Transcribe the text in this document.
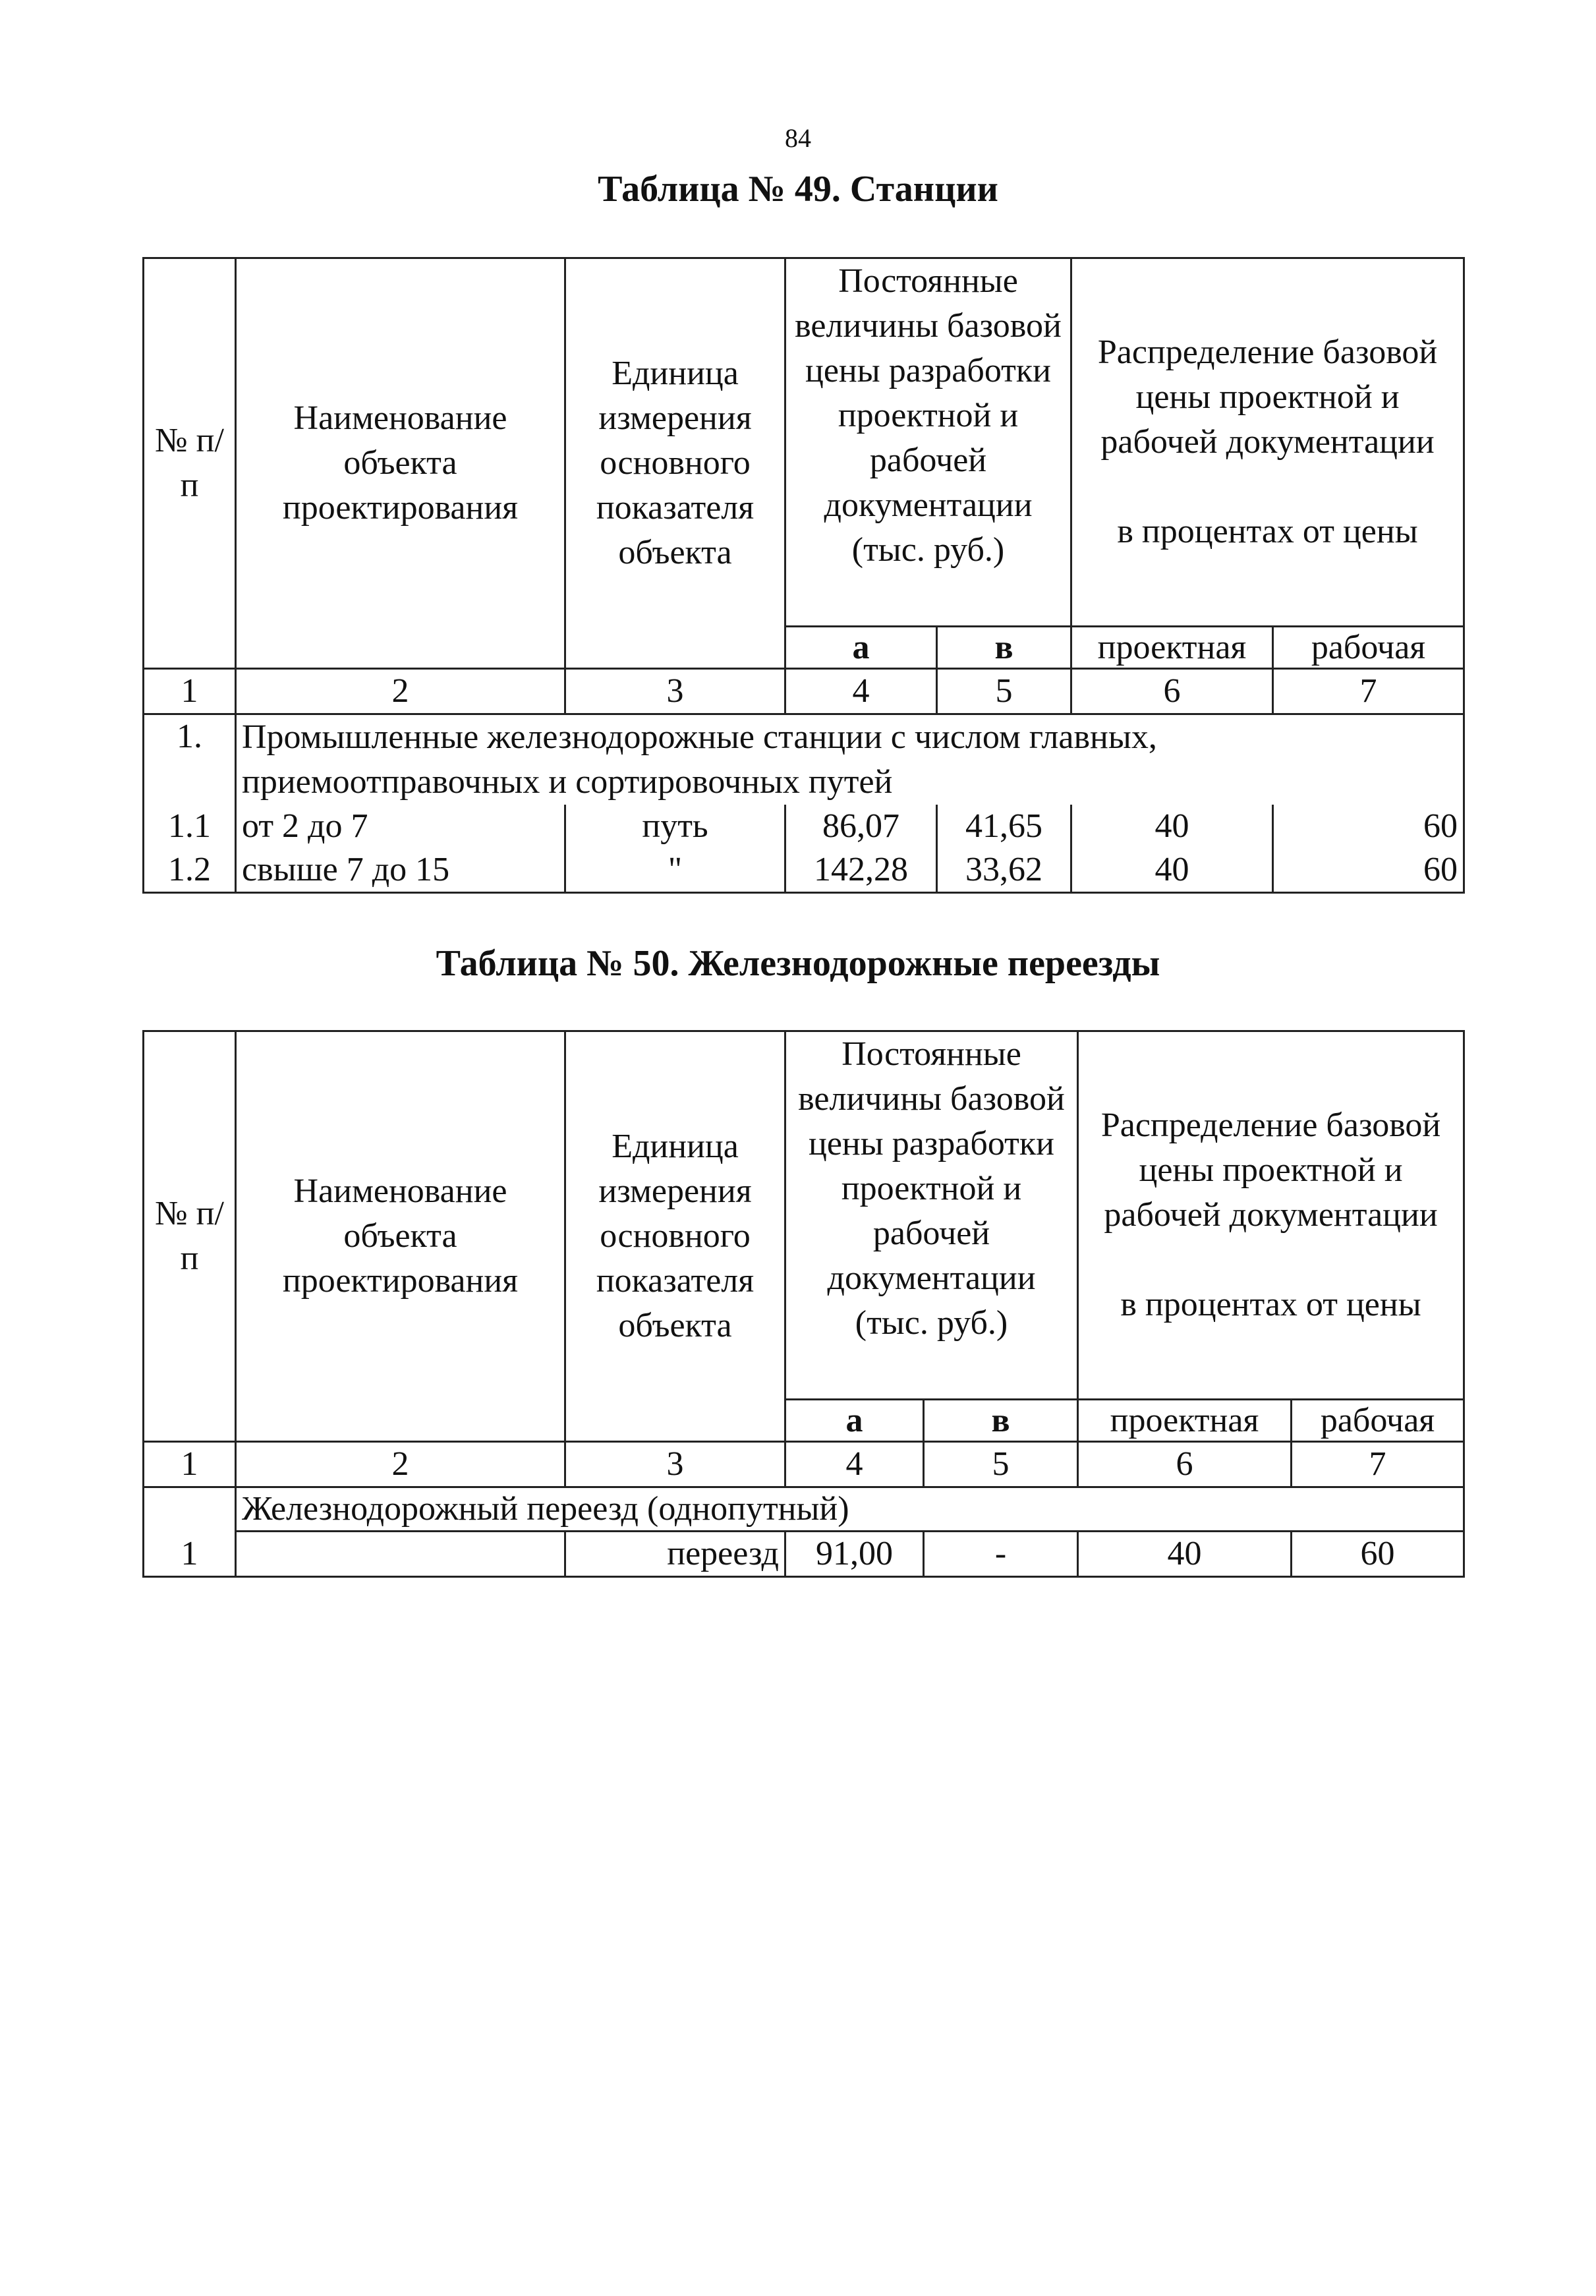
84
Таблица № 49. Станции
№ п/п	Наименование объекта проектирования	Единица измерения основного показателя объекта	Постоянные величины базовой цены разработки проектной и рабочей документации (тыс. руб.)		Распределение базовой цены проектной и рабочей документации
в процентах от цены	
			а	в	проектная	рабочая
1	2	3	4	5	6	7
1.	Промышленные железнодорожные станции с числом главных, приемоотправочных и сортировочных путей					
1.1	от 2 до 7	путь	86,07	41,65	40	60
1.2	свыше 7 до 15	"	142,28	33,62	40	60
Таблица № 50. Железнодорожные переезды
№ п/п	Наименование объекта проектирования	Единица измерения основного показателя объекта	Постоянные величины базовой цены разработки проектной и рабочей документации (тыс. руб.)		Распределение базовой цены проектной и рабочей документации
в процентах от цены	
			а	в	проектная	рабочая
1	2	3	4	5	6	7
1	Железнодорожный переезд (однопутный)					
		переезд	91,00	-	40	60
